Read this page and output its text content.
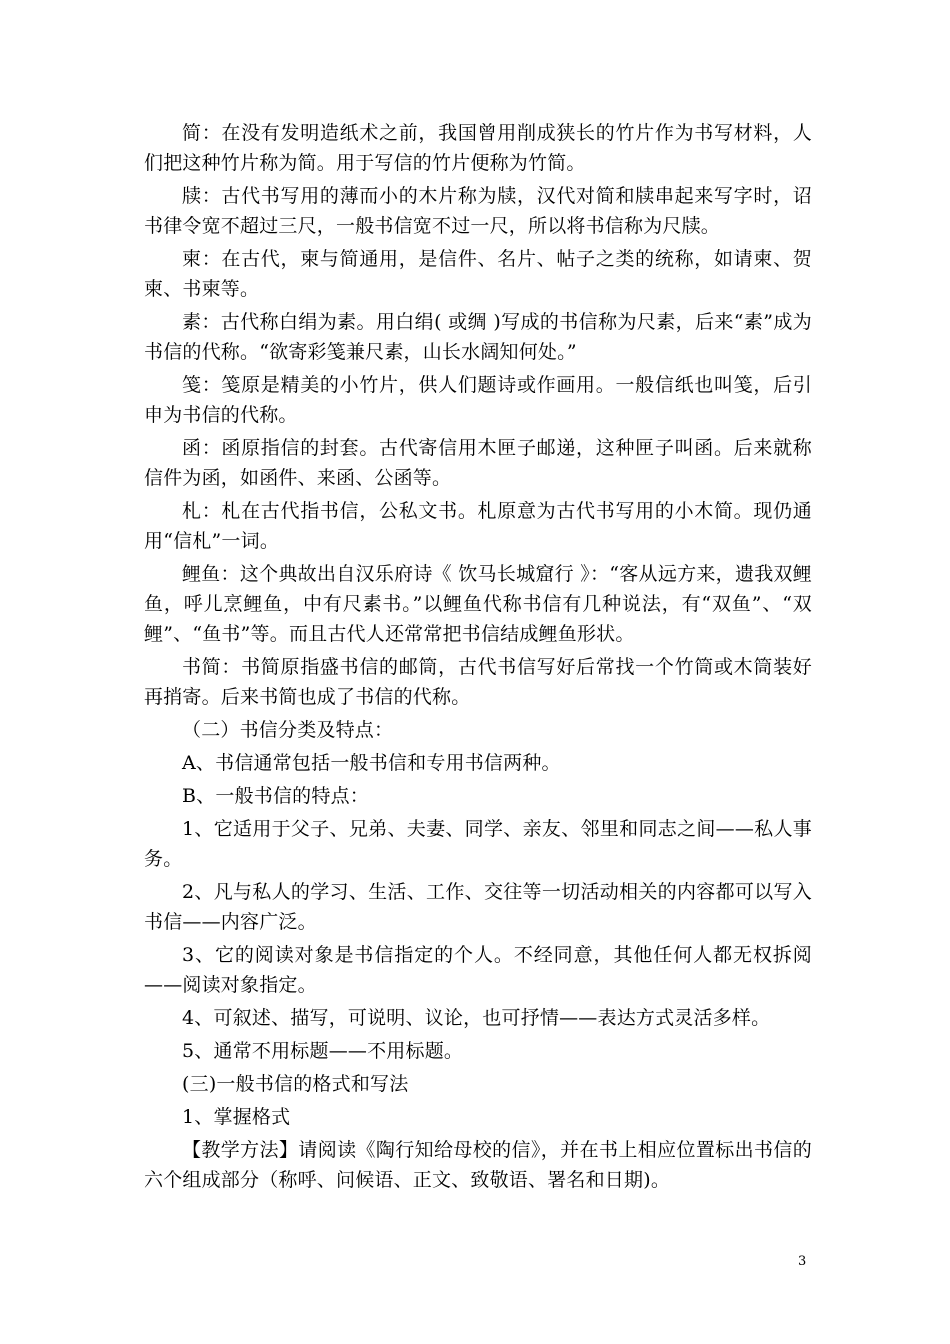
简：在没有发明造纸术之前，我国曾用削成狭长的竹片作为书写材料，人们把这种竹片称为简。用于写信的竹片便称为竹简。

牍：古代书写用的薄而小的木片称为牍，汉代对简和牍串起来写字时，诏书律令宽不超过三尺，一般书信宽不过一尺，所以将书信称为尺牍。

柬：在古代，柬与简通用，是信件、名片、帖子之类的统称，如请柬、贺柬、书柬等。

素：古代称白绢为素。用白绢( 或绸 )写成的书信称为尺素，后来“素”成为书信的代称。“欲寄彩笺兼尺素，山长水阔知何处。”

笺：笺原是精美的小竹片，供人们题诗或作画用。一般信纸也叫笺，后引申为书信的代称。

函：函原指信的封套。古代寄信用木匣子邮递，这种匣子叫函。后来就称信件为函，如函件、来函、公函等。

札：札在古代指书信，公私文书。札原意为古代书写用的小木简。现仍通用“信札”一词。

鲤鱼：这个典故出自汉乐府诗《 饮马长城窟行 》：“客从远方来，遗我双鲤鱼，呼儿烹鲤鱼，中有尺素书。”以鲤鱼代称书信有几种说法，有“双鱼”、“双鲤”、“鱼书”等。而且古代人还常常把书信结成鲤鱼形状。

书简：书简原指盛书信的邮筒，古代书信写好后常找一个竹筒或木筒装好再捎寄。后来书简也成了书信的代称。

（二）书信分类及特点：

A、书信通常包括一般书信和专用书信两种。

B、一般书信的特点：

1、它适用于父子、兄弟、夫妻、同学、亲友、邻里和同志之间——私人事务。

2、凡与私人的学习、生活、工作、交往等一切活动相关的内容都可以写入书信——内容广泛。

3、它的阅读对象是书信指定的个人。不经同意，其他任何人都无权拆阅——阅读对象指定。

4、可叙述、描写，可说明、议论，也可抒情——表达方式灵活多样。

5、通常不用标题——不用标题。

(三)一般书信的格式和写法

1、掌握格式

【教学方法】请阅读《陶行知给母校的信》，并在书上相应位置标出书信的六个组成部分（称呼、问候语、正文、致敬语、署名和日期)。

3
